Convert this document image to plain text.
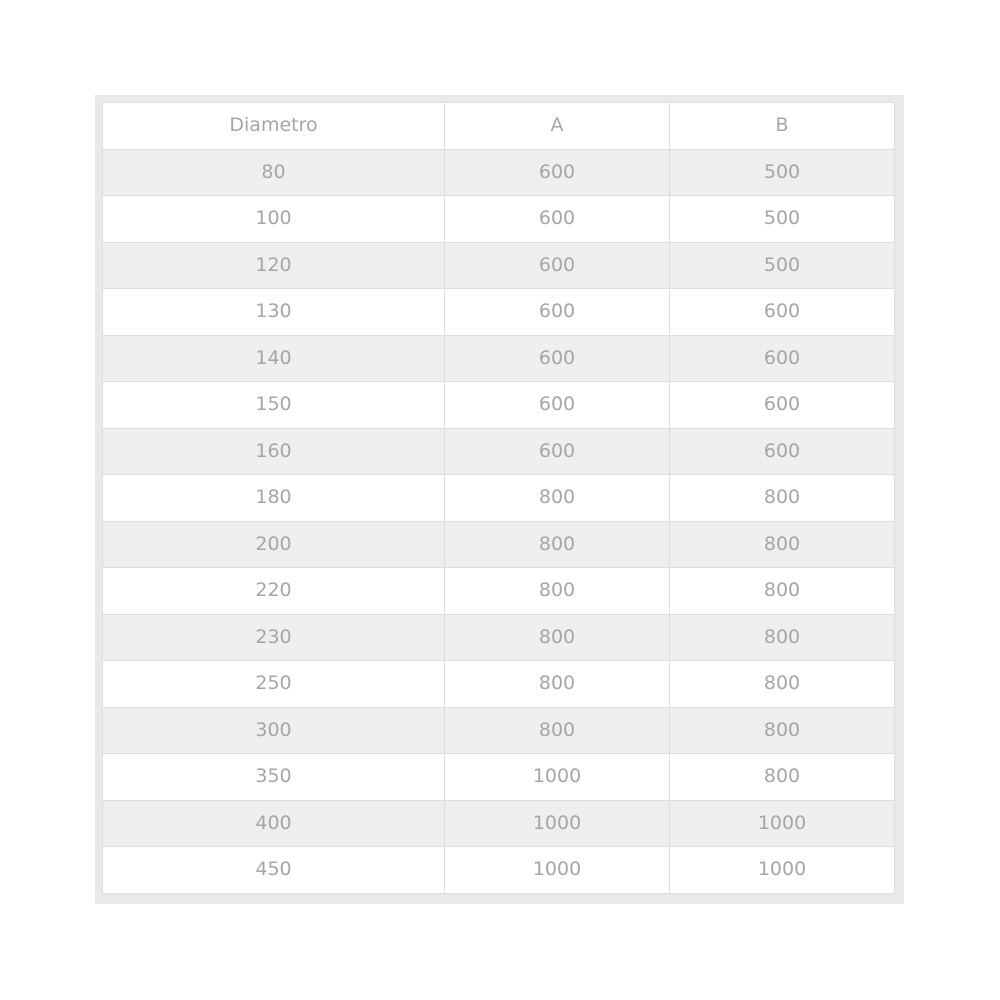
Diametro	A	B
80	600	500
100	600	500
120	600	500
130	600	600
140	600	600
150	600	600
160	600	600
180	800	800
200	800	800
220	800	800
230	800	800
250	800	800
300	800	800
350	1000	800
400	1000	1000
450	1000	1000
